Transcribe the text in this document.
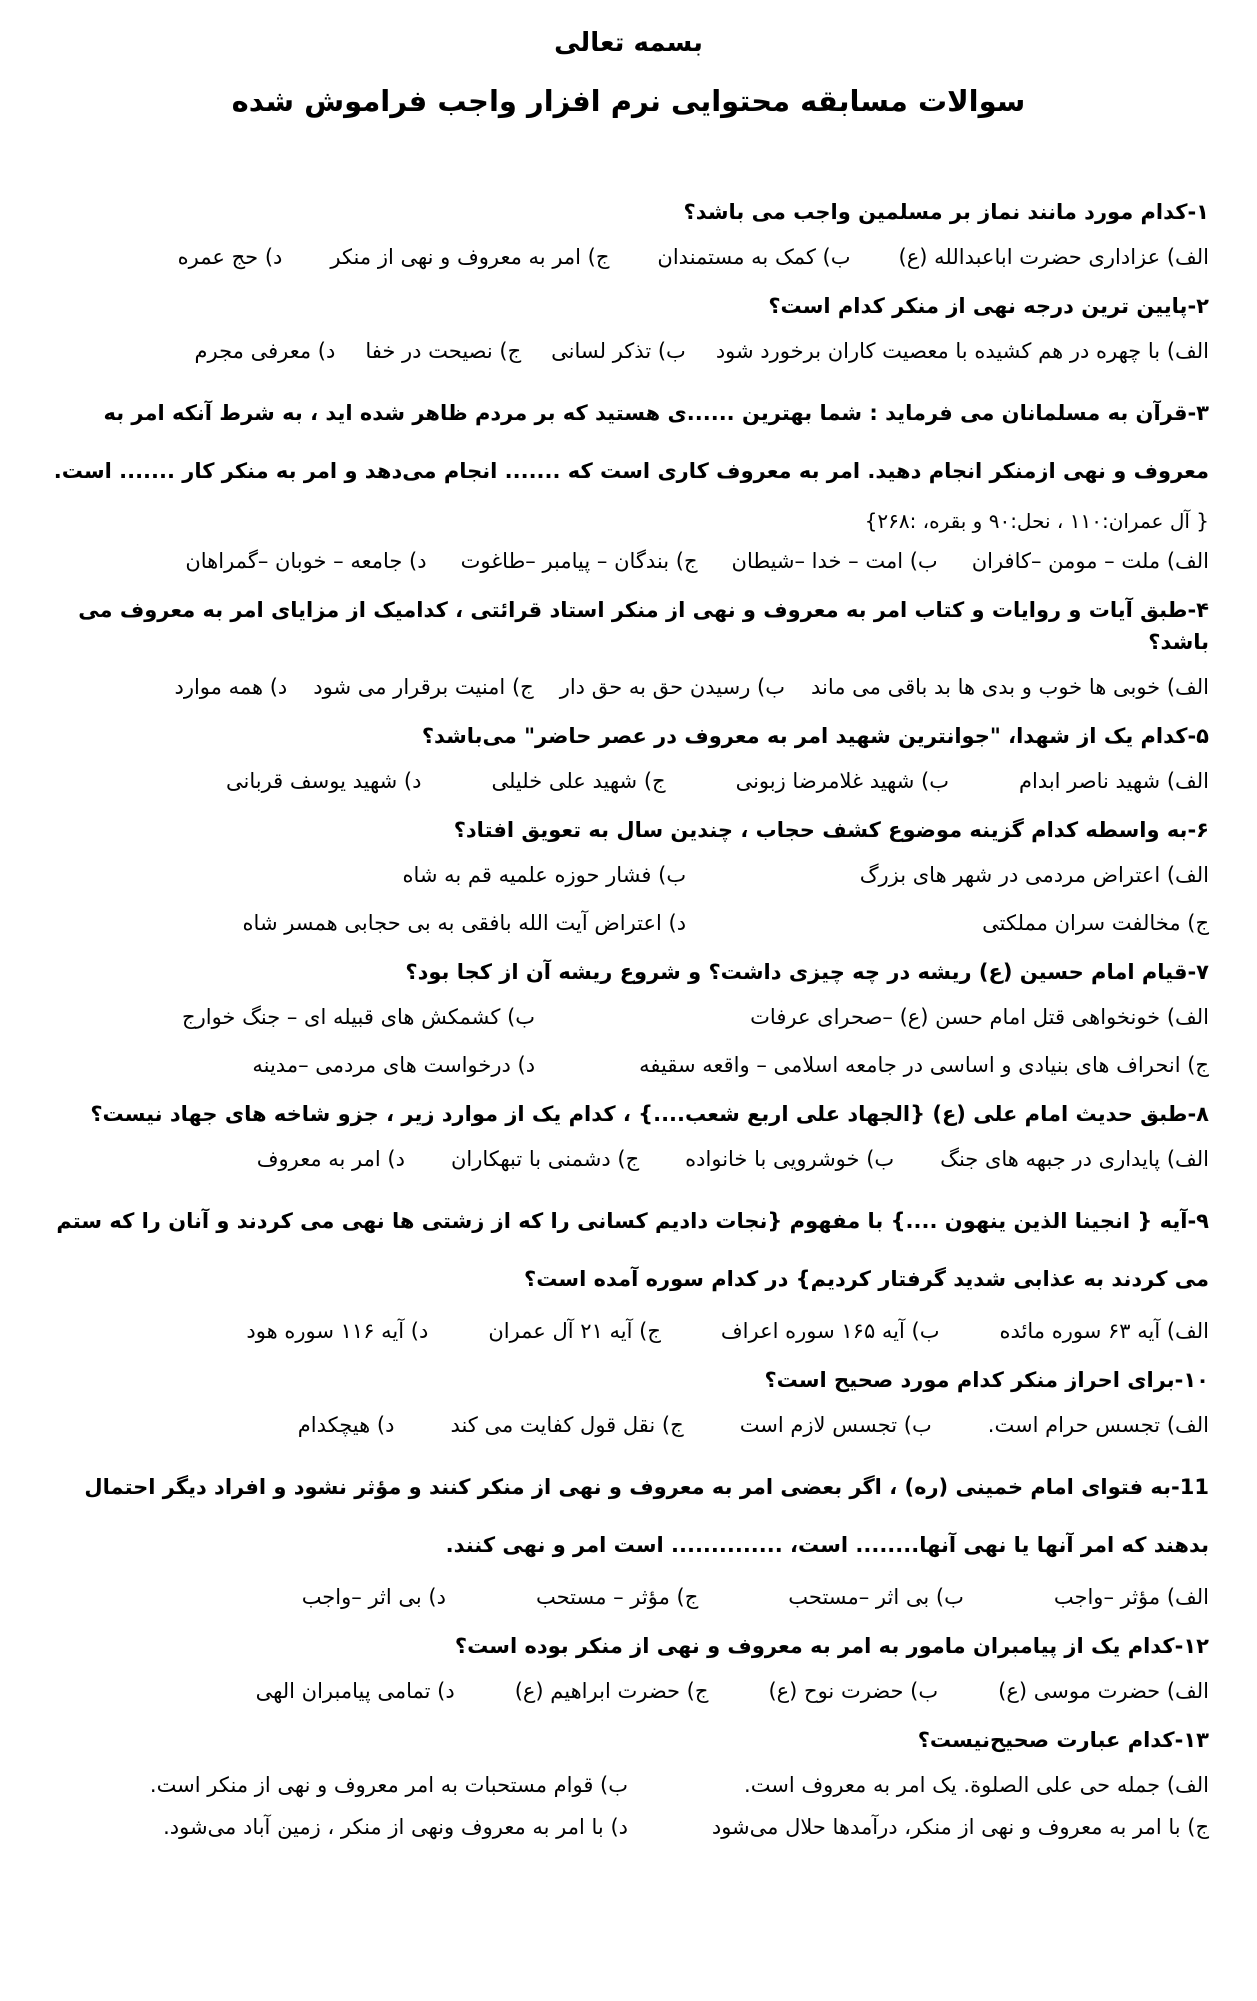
بسمه تعالی
سوالات مسابقه محتوایی نرم افزار واجب فراموش شده
۱-کدام مورد مانند نماز بر مسلمین واجب می باشد؟
الف) عزاداری حضرت اباعبدالله (ع)
ب) کمک به مستمندان
ج) امر به معروف و نهی از منکر
د) حج عمره
۲-پایین ترین درجه نهی از منکر کدام است؟
الف) با چهره در هم کشیده با معصیت کاران برخورد شود
ب) تذکر لسانی
ج) نصیحت در خفا
د) معرفی مجرم
۳-قرآن به مسلمانان می فرماید : شما بهترین ......ی هستید که بر مردم ظاهر شده اید ، به شرط آنکه امر به معروف و نهی ازمنکر انجام دهید. امر به معروف کاری است که ....... انجام می‌دهد و امر به منکر کار ....... است.
{ آل عمران:۱۱۰ ، نحل:۹۰ و بقره، :۲۶۸}
الف) ملت – مومن –کافران
ب) امت – خدا –شیطان
ج) بندگان – پیامبر –طاغوت
د) جامعه – خوبان –گمراهان
۴-طبق آیات و روایات و کتاب امر به معروف و نهی از منکر استاد قرائتی ، کدامیک از مزایای امر به معروف می باشد؟
الف) خوبی ها خوب و بدی ها بد باقی می ماند
ب) رسیدن حق به حق دار
ج) امنیت برقرار می شود
د) همه موارد
۵-کدام یک از شهدا، "جوانترین شهید امر به معروف در عصر حاضر" می‌باشد؟
الف) شهید ناصر ابدام
ب) شهید غلامرضا زبونی
ج) شهید علی خلیلی
د) شهید یوسف قربانی
۶-به واسطه کدام گزینه موضوع کشف حجاب ، چندین سال به تعویق افتاد؟
الف) اعتراض مردمی در شهر های بزرگ
ب) فشار حوزه علمیه قم به شاه
ج) مخالفت سران مملکتی
د) اعتراض آیت الله بافقی به بی حجابی همسر شاه
۷-قیام امام حسین (ع) ریشه در چه چیزی داشت؟ و شروع ریشه آن از کجا بود؟
الف) خونخواهی قتل امام حسن (ع) –صحرای عرفات
ب) کشمکش های قبیله ای – جنگ خوارج
ج) انحراف های بنیادی و اساسی در جامعه اسلامی – واقعه سقیفه
د) درخواست های مردمی –مدینه
۸-طبق حدیث امام علی (ع) {الجهاد علی اربع شعب....} ، کدام یک از موارد زیر ، جزو شاخه های جهاد نیست؟
الف) پایداری در جبهه های جنگ
ب) خوشرویی با خانواده
ج) دشمنی با تبهکاران
د) امر به معروف
۹-آیه { انجینا الذین ینهون ....} با مفهوم {نجات دادیم کسانی را که از زشتی ها نهی می کردند و آنان را که ستم می کردند به عذابی شدید گرفتار کردیم} در کدام سوره آمده است؟
الف) آیه ۶۳ سوره مائده
ب) آیه ۱۶۵ سوره اعراف
ج) آیه ۲۱ آل عمران
د) آیه ۱۱۶ سوره هود
۱۰-برای احراز منکر کدام مورد صحیح است؟
الف) تجسس حرام است.
ب) تجسس لازم است
ج) نقل قول کفایت می کند
د) هیچکدام
11-به فتوای امام خمینی (ره) ، اگر بعضی امر به معروف و نهی از منکر کنند و مؤثر نشود و افراد دیگر احتمال بدهند که امر آنها یا نهی آنها........ است، .............. است امر و نهی کنند.
الف) مؤثر –واجب
ب) بی اثر –مستحب
ج) مؤثر – مستحب
د) بی اثر –واجب
۱۲-کدام یک از پیامبران مامور به امر به معروف و نهی از منکر بوده است؟
الف) حضرت موسی (ع)
ب) حضرت نوح (ع)
ج) حضرت ابراهیم (ع)
د) تمامی پیامبران الهی
۱۳-کدام عبارت صحیح‌نیست؟
الف) جمله حی علی الصلوة. یک امر به معروف است.
ب) قوام مستحبات به امر معروف و نهی از منکر است.
ج) با امر به معروف و نهی از منکر، درآمدها حلال می‌شود
د) با امر به معروف ونهی از منکر ، زمین آباد می‌شود.
